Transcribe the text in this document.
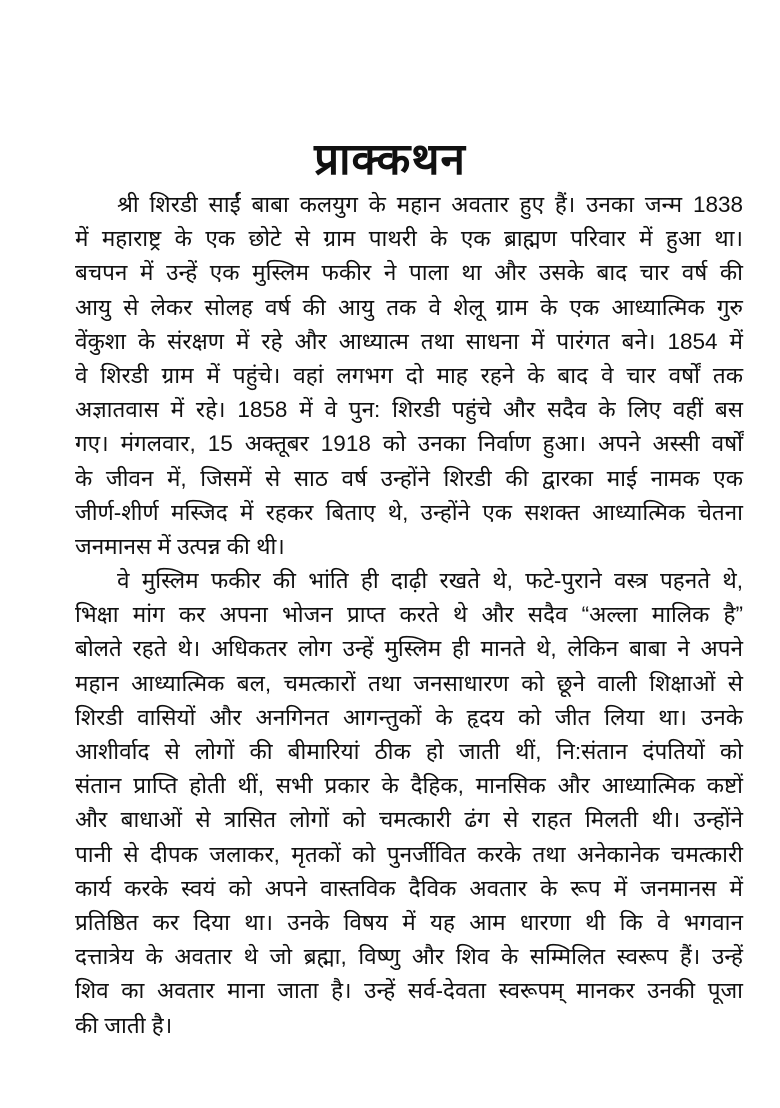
प्राक्कथन
श्री शिरडी साईं बाबा कलयुग के महान अवतार हुए हैं। उनका जन्म 1838
में महाराष्ट्र के एक छोटे से ग्राम पाथरी के एक ब्राह्मण परिवार में हुआ था।
बचपन में उन्हें एक मुस्लिम फकीर ने पाला था और उसके बाद चार वर्ष की
आयु से लेकर सोलह वर्ष की आयु तक वे शेलू ग्राम के एक आध्यात्मिक गुरु
वेंकुशा के संरक्षण में रहे और आध्यात्म तथा साधना में पारंगत बने। 1854 में
वे शिरडी ग्राम में पहुंचे। वहां लगभग दो माह रहने के बाद वे चार वर्षों तक
अज्ञातवास में रहे। 1858 में वे पुन: शिरडी पहुंचे और सदैव के लिए वहीं बस
गए। मंगलवार, 15 अक्तूबर 1918 को उनका निर्वाण हुआ। अपने अस्सी वर्षों
के जीवन में, जिसमें से साठ वर्ष उन्होंने शिरडी की द्वारका माई नामक एक
जीर्ण-शीर्ण मस्जिद में रहकर बिताए थे, उन्होंने एक सशक्त आध्यात्मिक चेतना
जनमानस में उत्पन्न की थी।
वे मुस्लिम फकीर की भांति ही दाढ़ी रखते थे, फटे-पुराने वस्त्र पहनते थे,
भिक्षा मांग कर अपना भोजन प्राप्त करते थे और सदैव “अल्ला मालिक है”
बोलते रहते थे। अधिकतर लोग उन्हें मुस्लिम ही मानते थे, लेकिन बाबा ने अपने
महान आध्यात्मिक बल, चमत्कारों तथा जनसाधारण को छूने वाली शिक्षाओं से
शिरडी वासियों और अनगिनत आगन्तुकों के हृदय को जीत लिया था। उनके
आशीर्वाद से लोगों की बीमारियां ठीक हो जाती थीं, नि:संतान दंपतियों को
संतान प्राप्ति होती थीं, सभी प्रकार के दैहिक, मानसिक और आध्यात्मिक कष्टों
और बाधाओं से त्रासित लोगों को चमत्कारी ढंग से राहत मिलती थी। उन्होंने
पानी से दीपक जलाकर, मृतकों को पुनर्जीवित करके तथा अनेकानेक चमत्कारी
कार्य करके स्वयं को अपने वास्तविक दैविक अवतार के रूप में जनमानस में
प्रतिष्ठित कर दिया था। उनके विषय में यह आम धारणा थी कि वे भगवान
दत्तात्रेय के अवतार थे जो ब्रह्मा, विष्णु और शिव के सम्मिलित स्वरूप हैं। उन्हें
शिव का अवतार माना जाता है। उन्हें सर्व-देवता स्वरूपम् मानकर उनकी पूजा
की जाती है।
